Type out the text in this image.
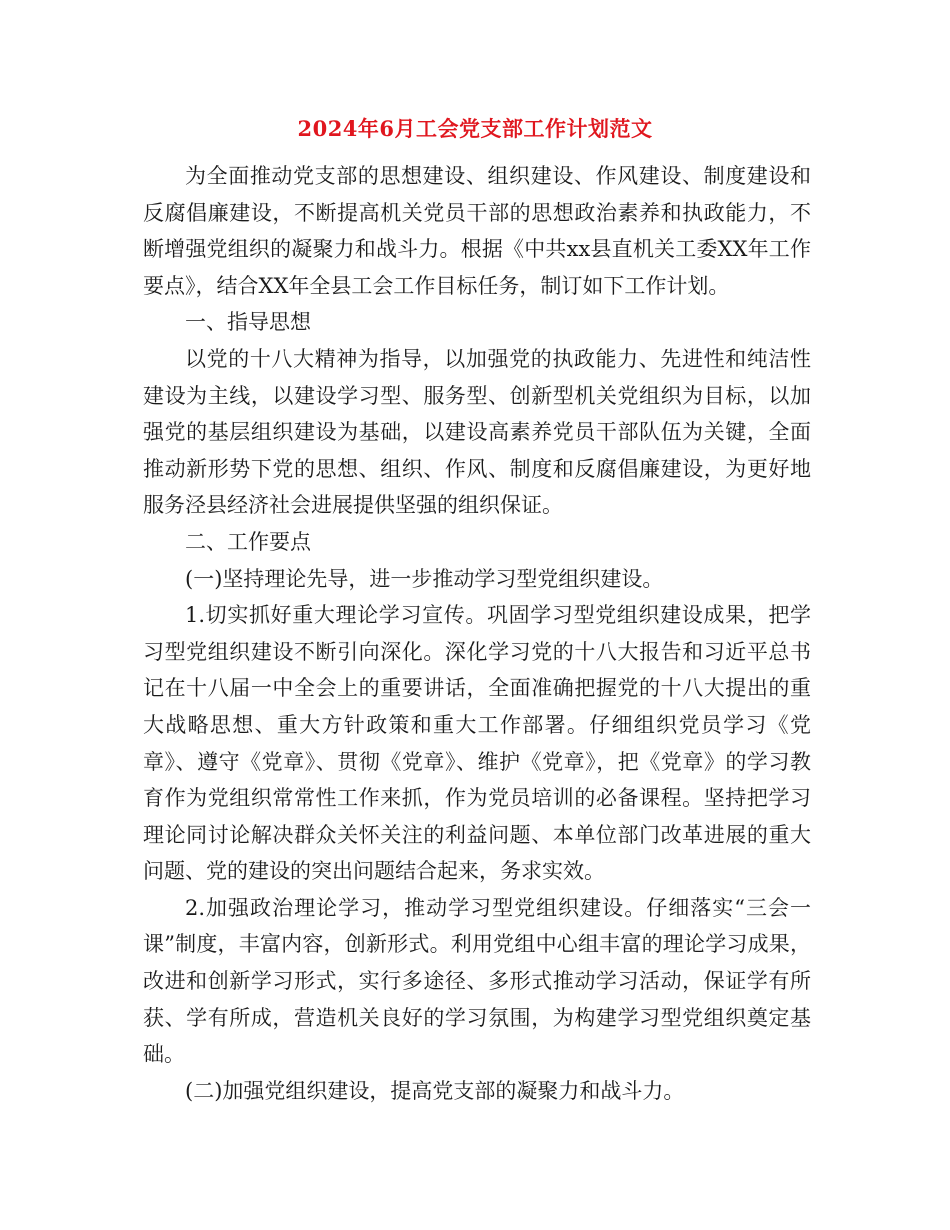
2024年6月工会党支部工作计划范文

为全面推动党支部的思想建设、组织建设、作风建设、制度建设和反腐倡廉建设，不断提高机关党员干部的思想政治素养和执政能力，不断增强党组织的凝聚力和战斗力。根据《中共xx县直机关工委XX年工作要点》，结合XX年全县工会工作目标任务，制订如下工作计划。

一、指导思想

以党的十八大精神为指导，以加强党的执政能力、先进性和纯洁性建设为主线，以建设学习型、服务型、创新型机关党组织为目标，以加强党的基层组织建设为基础，以建设高素养党员干部队伍为关键，全面推动新形势下党的思想、组织、作风、制度和反腐倡廉建设，为更好地服务泾县经济社会进展提供坚强的组织保证。

二、工作要点

(一)坚持理论先导，进一步推动学习型党组织建设。

1.切实抓好重大理论学习宣传。巩固学习型党组织建设成果，把学习型党组织建设不断引向深化。深化学习党的十八大报告和习近平总书记在十八届一中全会上的重要讲话，全面准确把握党的十八大提出的重大战略思想、重大方针政策和重大工作部署。仔细组织党员学习《党章》、遵守《党章》、贯彻《党章》、维护《党章》，把《党章》的学习教育作为党组织常常性工作来抓，作为党员培训的必备课程。坚持把学习理论同讨论解决群众关怀关注的利益问题、本单位部门改革进展的重大问题、党的建设的突出问题结合起来，务求实效。

2.加强政治理论学习，推动学习型党组织建设。仔细落实“三会一课”制度，丰富内容，创新形式。利用党组中心组丰富的理论学习成果，改进和创新学习形式，实行多途径、多形式推动学习活动，保证学有所获、学有所成，营造机关良好的学习氛围，为构建学习型党组织奠定基础。

(二)加强党组织建设，提高党支部的凝聚力和战斗力。
